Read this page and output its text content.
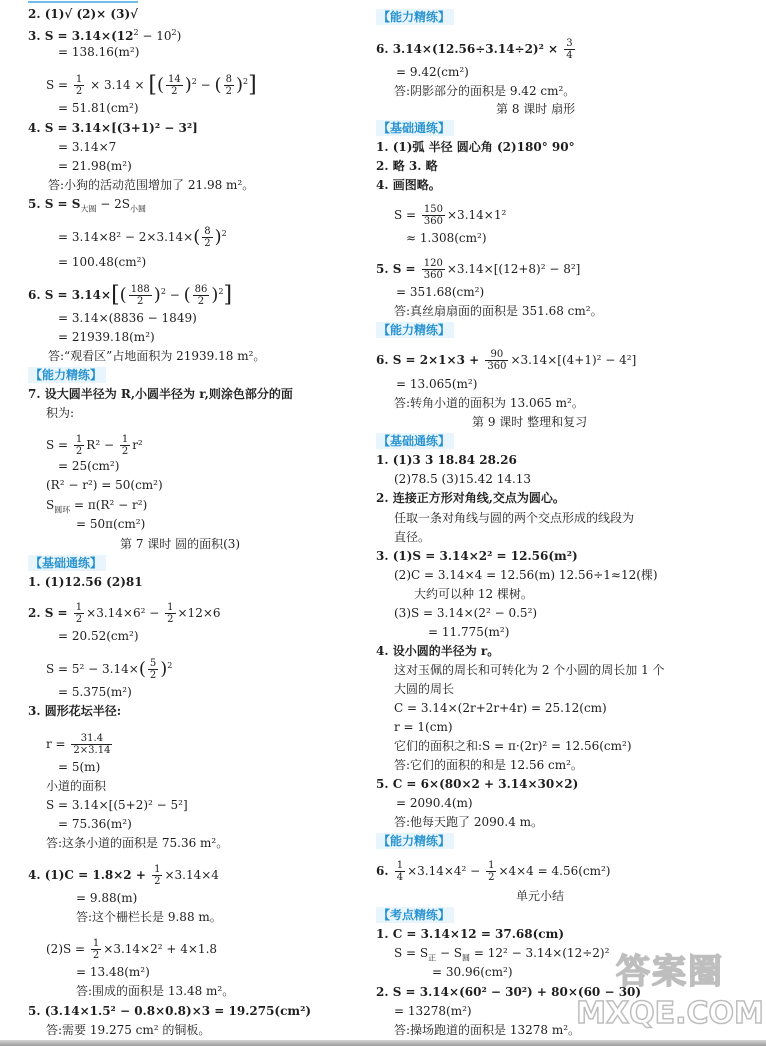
2. (1)√ (2)× (3)√
3. $S = 3.14\times(12^2 - 10^2)$
= 138.16(m²)
$S = \frac{1}{2} \times 3.14$ × [( $\frac{14}{2} )^2$ − ( $\frac{8}{2} )^2$]
= 51.81(cm²)
4. S = 3.14×[(3+1)² − 3²]
= 3.14×7
= 21.98(m²)
答:小狗的活动范围增加了 21.98 m²。
5. $S = S_{大圆} - 2S_{小圆}$
= $3.14\times 8^2 - 2\times 3.14\times( \frac{8}{2} )^2$
= 100.48(cm²)
6. $S = 3.14\times[( \frac{188}{2} )^2$ − ( $\frac{86}{2} )^2$]
= 3.14×(8836 − 1849)
= 21939.18(m²)
答:“观看区”占地面积为 21939.18 m²。
【能力精练】
7. 设大圆半径为 R,小圆半径为 r,则涂色部分的面
积为:
$S = \frac{1}{2} R^2 - \frac{1}{2} r^2$
= 25(cm²)
(R² − r²) = 50(cm²)
$S_{圆环} = \pi(R^2 - r^2)$
= 50π(cm²)
第 7 课时 圆的面积(3)
【基础通练】
1. (1)12.56 (2)81
2. $S = \frac{1}{2} \times 3.14\times 6^2 - \frac{1}{2} \times 12\times 6$
= 20.52(cm²)
$S = 5^2 - 3.14\times( \frac{5}{2} )^2$
= 5.375(m²)
3. 圆形花坛半径:
$r = \frac{31.4}{2\times 3.14}$
= 5(m)
小道的面积
S = 3.14×[(5+2)² − 5²]
= 75.36(m²)
答:这条小道的面积是 75.36 m²。
4. $(1)C = 1.8\times 2 + \frac{1}{2} \times 3.14\times 4$
= 9.88(m)
答:这个栅栏长是 9.88 m。
$(2)S = \frac{1}{2} \times 3.14\times 2^2 + 4\times 1.8$
= 13.48(m²)
答:围成的面积是 13.48 m²。
5. (3.14×1.5² − 0.8×0.8)×3 = 19.275(cm²)
答:需要 19.275 cm² 的铜板。
【能力精练】
6. $3.14\times(12.56\div 3.14\div 2)^2 \times \frac{3}{4}$
= 9.42(cm²)
答:阴影部分的面积是 9.42 cm²。
第 8 课时 扇形
【基础通练】
1. (1)弧 半径 圆心角 (2)180° 90°
2. 略 3. 略
4. 画图略。
$S = \frac{150}{360} \times 3.14\times 1^2$
≈ 1.308(cm²)
5. $S = \frac{120}{360} \times 3.14\times[(12+8)^2 - 8^2]$
= 351.68(cm²)
答:真丝扇扇面的面积是 351.68 cm²。
【能力精练】
6. $S = 2\times 1\times 3 + \frac{90}{360} \times 3.14\times[(4+1)^2 - 4^2]$
= 13.065(m²)
答:转角小道的面积为 13.065 m²。
第 9 课时 整理和复习
【基础通练】
1. (1)3 3 18.84 28.26
(2)78.5 (3)15.42 14.13
2. 连接正方形对角线,交点为圆心。
任取一条对角线与圆的两个交点形成的线段为
直径。
3. (1)S = 3.14×2² = 12.56(m²)
(2)C = 3.14×4 = 12.56(m) 12.56÷1≈12(棵)
大约可以种 12 棵树。
(3)S = 3.14×(2² − 0.5²)
= 11.775(m²)
4. 设小圆的半径为 r。
这对玉佩的周长和可转化为 2 个小圆的周长加 1 个
大圆的周长
C = 3.14×(2r+2r+4r) = 25.12(cm)
r = 1(cm)
它们的面积之和:S = π·(2r)² = 12.56(cm²)
答:它们的面积的和是 12.56 cm²。
5. C = 6×(80×2 + 3.14×30×2)
= 2090.4(m)
答:他每天跑了 2090.4 m。
【能力精练】
6. $\frac{1}{4} \times 3.14\times 4^2 - \frac{1}{2} \times 4\times 4 = 4.56(cm^2)$
单元小结
【考点精练】
1. C = 3.14×12 = 37.68(cm)
$S = S_正 - S_圆 = 12^2 - 3.14\times(12\div 2)^2$
= 30.96(cm²)
2. S = 3.14×(60² − 30²) + 80×(60 − 30)
= 13278(m²)
答:操场跑道的面积是 13278 m²。
答案圈
MXQE.COM
